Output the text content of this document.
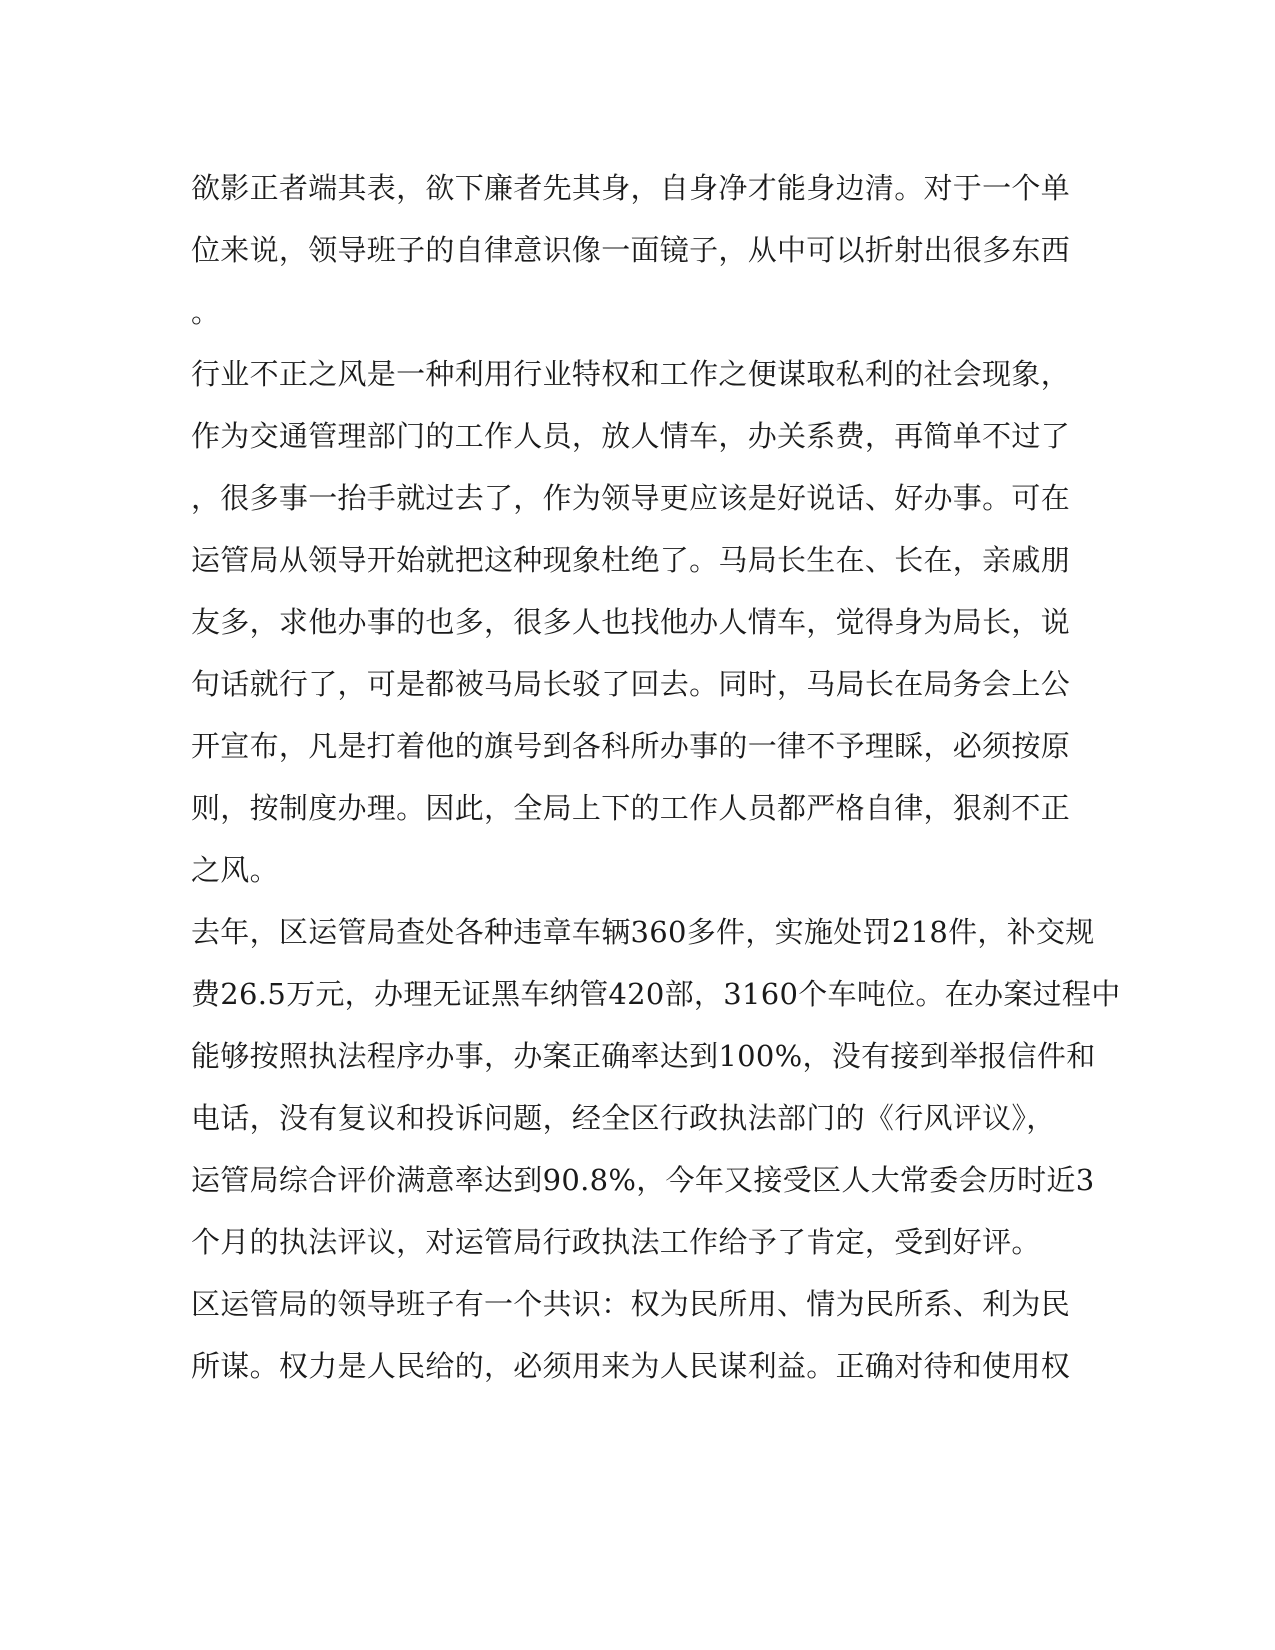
欲影正者端其表，欲下廉者先其身，自身净才能身边清。对于一个单
位来说，领导班子的自律意识像一面镜子，从中可以折射出很多东西
。
行业不正之风是一种利用行业特权和工作之便谋取私利的社会现象，
作为交通管理部门的工作人员，放人情车，办关系费，再简单不过了
，很多事一抬手就过去了，作为领导更应该是好说话、好办事。可在
运管局从领导开始就把这种现象杜绝了。马局长生在、长在，亲戚朋
友多，求他办事的也多，很多人也找他办人情车，觉得身为局长，说
句话就行了，可是都被马局长驳了回去。同时，马局长在局务会上公
开宣布，凡是打着他的旗号到各科所办事的一律不予理睬，必须按原
则，按制度办理。因此，全局上下的工作人员都严格自律，狠刹不正
之风。
去年，区运管局查处各种违章车辆360多件，实施处罚218件，补交规
费26.5万元，办理无证黑车纳管420部，3160个车吨位。在办案过程中
能够按照执法程序办事，办案正确率达到100%，没有接到举报信件和
电话，没有复议和投诉问题，经全区行政执法部门的《行风评议》，
运管局综合评价满意率达到90.8%，今年又接受区人大常委会历时近3
个月的执法评议，对运管局行政执法工作给予了肯定，受到好评。
区运管局的领导班子有一个共识：权为民所用、情为民所系、利为民
所谋。权力是人民给的，必须用来为人民谋利益。正确对待和使用权
